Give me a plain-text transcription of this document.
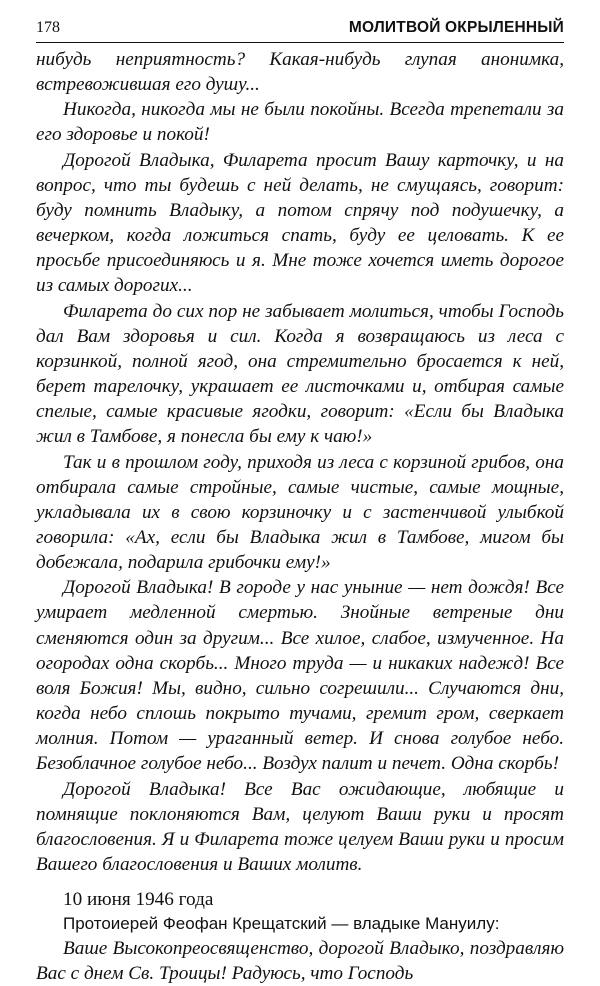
178	МОЛИТВОЙ ОКРЫЛЕННЫЙ

нибудь неприятность? Какая-нибудь глупая анонимка, встревожившая его душу...

Никогда, никогда мы не были покойны. Всегда трепетали за его здоровье и покой!

Дорогой Владыка, Филарета просит Вашу карточку, и на вопрос, что ты будешь с ней делать, не смущаясь, говорит: буду помнить Владыку, а потом спрячу под подушечку, а вечерком, когда ложиться спать, буду ее целовать. К ее просьбе присоединяюсь и я. Мне тоже хочется иметь дорогое из самых дорогих...

Филарета до сих пор не забывает молиться, чтобы Господь дал Вам здоровья и сил. Когда я возвращаюсь из леса с корзинкой, полной ягод, она стремительно бросается к ней, берет тарелочку, украшает ее листочками и, отбирая самые спелые, самые красивые ягодки, говорит: «Если бы Владыка жил в Тамбове, я понесла бы ему к чаю!»

Так и в прошлом году, приходя из леса с корзиной грибов, она отбирала самые стройные, самые чистые, самые мощные, укладывала их в свою корзиночку и с застенчивой улыбкой говорила: «Ах, если бы Владыка жил в Тамбове, мигом бы добежала, подарила грибочки ему!»

Дорогой Владыка! В городе у нас уныние — нет дождя! Все умирает медленной смертью. Знойные ветреные дни сменяются один за другим... Все хилое, слабое, измученное. На огородах одна скорбь... Много труда — и никаких надежд! Все воля Божия! Мы, видно, сильно согрешили... Случаются дни, когда небо сплошь покрыто тучами, гремит гром, сверкает молния. Потом — ураганный ветер. И снова голубое небо. Безоблачное голубое небо... Воздух палит и печет. Одна скорбь!

Дорогой Владыка! Все Вас ожидающие, любящие и помнящие поклоняются Вам, целуют Ваши руки и просят благословения. Я и Филарета тоже целуем Ваши руки и просим Вашего благословения и Ваших молитв.

10 июня 1946 года
Протоиерей Феофан Крещатский — владыке Мануилу:

Ваше Высокопреосвященство, дорогой Владыко, поздравляю Вас с днем Св. Троицы! Радуюсь, что Господь
